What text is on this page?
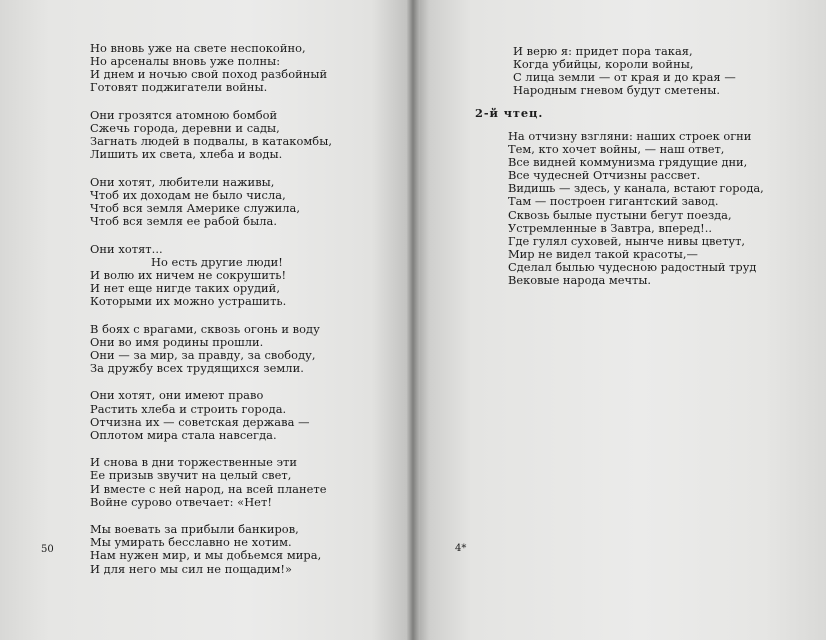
Но вновь уже на свете неспокойно,
Но арсеналы вновь уже полны:
И днем и ночью свой поход разбойный
Готовят поджигатели войны.
Они грозятся атомною бомбой
Сжечь города, деревни и сады,
Загнать людей в подвалы, в катакомбы,
Лишить их света, хлеба и воды.
Они хотят, любители наживы,
Чтоб их доходам не было числа,
Чтоб вся земля Америке служила,
Чтоб вся земля ее рабой была.
Они хотят...
Но есть другие люди!
И волю их ничем не сокрушить!
И нет еще нигде таких орудий,
Которыми их можно устрашить.
В боях с врагами, сквозь огонь и воду
Они во имя родины прошли.
Они — за мир, за правду, за свободу,
За дружбу всех трудящихся земли.
Они хотят, они имеют право
Растить хлеба и строить города.
Отчизна их — советская держава —
Оплотом мира стала навсегда.
И снова в дни торжественные эти
Ее призыв звучит на целый свет,
И вместе с ней народ, на всей планете
Войне сурово отвечает: «Нет!
Мы воевать за прибыли банкиров,
Мы умирать бесславно не хотим.
Нам нужен мир, и мы добьемся мира,
И для него мы сил не пощадим!»
50
И верю я: придет пора такая,
Когда убийцы, короли войны,
С лица земли — от края и до края —
Народным гневом будут сметены.
2-й чтец.
На отчизну взгляни: наших строек огни
Тем, кто хочет войны, — наш ответ,
Все видней коммунизма грядущие дни,
Все чудесней Отчизны рассвет.
Видишь — здесь, у канала, встают города,
Там — построен гигантский завод.
Сквозь былые пустыни бегут поезда,
Устремленные в Завтра, вперед!..
Где гулял суховей, нынче нивы цветут,
Мир не видел такой красоты,—
Сделал былью чудесною радостный труд
Вековые народа мечты.
4*
